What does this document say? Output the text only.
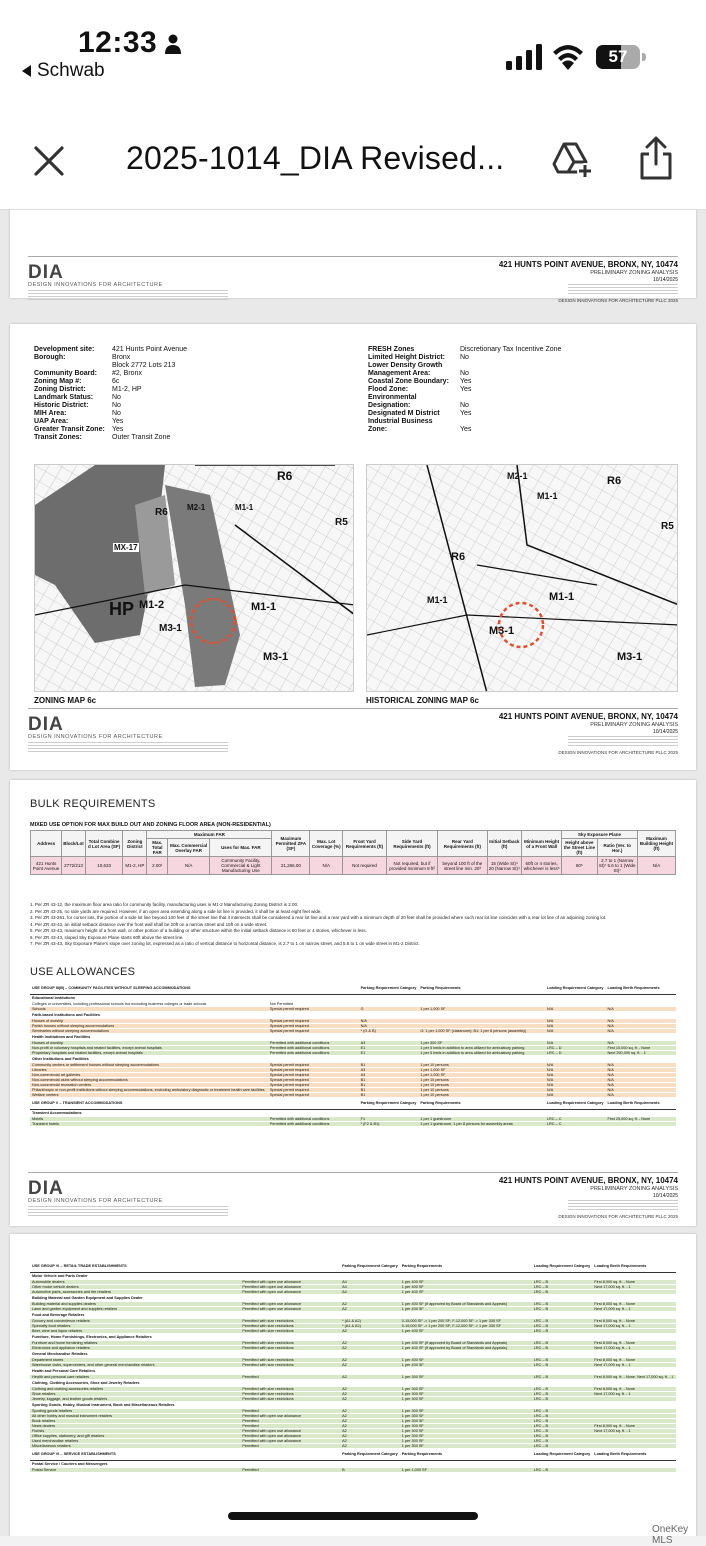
12:33
Schwab
57
2025-1014_DIA Revised...
DIA
DESIGN INNOVATIONS FOR ARCHITECTURE
421 HUNTS POINT AVENUE, BRONX, NY, 10474
PRELIMINARY ZONING ANALYSIS
10/14/2025
DESIGN INNOVATIONS FOR ARCHITECTURE PLLC 2025
Development site:	421 Hunts Point Avenue
Borough:	Bronx
Block 2772 Lots 213
Community Board:	#2, Bronx
Zoning Map #:	6c
Zoning District:	M1-2, HP
Landmark Status:	No
Historic District:	No
MIH Area:	No
UAP Area:	Yes
Greater Transit Zone:	Yes
Transit Zones:	Outer Transit Zone
FRESH Zones	Discretionary Tax Incentive Zone
Limited Height District:	No
Lower Density Growth
Management Area:	No
Coastal Zone Boundary:	Yes
Flood Zone:	Yes
Environmental
Designation:	No
Designated M District	Yes
Industrial Business
Zone:	Yes
R6
M1-1
M2-1
R6
MX-17
HP M1-2	M1-1
M3-1
R5
M3-1
ZONING MAP 6c
M2-1	R6
M1-1
R5
R6
M1-1	M1-1
M3-1
M3-1
HISTORICAL ZONING MAP 6c
DIA
DESIGN INNOVATIONS FOR ARCHITECTURE
421 HUNTS POINT AVENUE, BRONX, NY, 10474
PRELIMINARY ZONING ANALYSIS
10/14/2025
DESIGN INNOVATIONS FOR ARCHITECTURE PLLC 2025
BULK REQUIREMENTS
MIXED USE OPTION FOR MAX BUILD OUT AND ZONING FLOOR AREA (NON-RESIDENTIAL)
Address	Block/Lot	Total Combine d Lot Area (SF)	Zoning District	Maximum FAR			Maximum Permitted ZFA (SF)	Max. Lot Coverage (%)	Front Yard Requirements (ft)	Side Yard Requirements (ft)	Rear Yard Requirements (ft)	Initial Setback (ft)	Minimum Height of a Front Wall	Sky Exposure Plane		Maximum Building Height (ft)
				Max. Total FAR	Max. Commercial Overlay FAR	Uses for Max. FAR								Height above the Street Line (ft)	Ratio (Ver. to Hor.)	
421 Hunts Point Avenue	2772/213	10,633	M1-2, HP	2.00¹	N/A	Community Facility, Commercial & Light Manufacturing Use	21,266.00	N/A	Not required	Not required, but if provided minimum 8 ft²	beyond 100 ft of the street line min. 20³	15 (Wide St)⁴ 20 (Narrow St)⁴	60ft or 4 stories, whichever is less⁵	60⁶	2.7 to 1 (Narrow St)⁷ 5.6 to 1 (Wide St)⁷	N/A
1. Per ZR 43-12, the maximum floor area ratio for community facility, manufacturing uses in M1-2 Manufacturing Zoning District is 2.00.
2. Per ZR 43-25, no side yards are required. However, if an open area extending along a side lot line is provided, it shall be at least eight feet wide.
3. Per ZR 43-261, for corner lots, the portion of a side lot line beyond 100 feet of the street line that it intersects shall be considered a rear lot line and a rear yard with a minimum depth of 20 feet shall be provided where such rear lot line coincides with a rear lot line of an adjoining zoning lot.
4. Per ZR 43-43, an initial setback distance over the front wall shall be 20ft on a narrow street and 15ft on a wide street.
5. Per ZR 43-43, maximum height of a front wall, or other portion of a building or other structure within the initial setback distance is 60 feet or 4 stories, whichever is less.
6. Per ZR 43-43, sloped Sky Exposure Plane starts 60ft above the street line.
7. Per ZR 43-43, Sky Exposure Plane's slope over zoning lot, expressed as a ratio of vertical distance to horizontal distance, is 2.7 to 1 on narrow street, and 5.6 to 1 on wide street in M1-2 District.
USE ALLOWANCES
USE GROUP III(B) – COMMUNITY FACILITIES WITHOUT SLEEPING ACCOMMODATIONS		Parking Requirement Category	Parking Requirements	Loading Requirement Category	Loading Berth Requirements
Educational Institutions					
Colleges or universities, including professional schools but excluding business colleges or trade schools	Not Permitted				
Schools	Special permit required	G	1 per 1,000 SF	N/A	N/A
Faith-based Institutions and Facilities					
Houses of worship	Special permit required	N/A		N/A	N/A
Parish houses without sleeping accommodations	Special permit required	N/A		N/A	N/A
Seminaries without sleeping accommodations	Special permit required	* (G & B)	G: 1 per 1,000 SF (classroom); B1: 1 per 8 persons (assembly)	N/A	N/A
Health Institutions and Facilities					
Houses of worship	Permitted with additional conditions	A3	1 per 300 SF	N/A	N/A
Non-profit or voluntary hospitals and related facilities, except animal hospitals	Permitted with additional conditions	E1	1 per 5 beds in addition to area utilized for ambulatory parking	LRC – D	First 10,000 sq. ft. - None
Proprietary hospitals and related facilities, except animal hospitals	Permitted with additional conditions	E1	1 per 5 beds in addition to area utilized for ambulatory parking	LRC – D	Next 290,000 sq. ft. - 1
Other Institutions and Facilities					
Community centers or settlement houses without sleeping accommodations	Special permit required	B1	1 per 10 persons	N/A	N/A
Libraries	Special permit required	A3	1 per 1,000 SF	N/A	N/A
Non-commercial art galleries	Special permit required	A3	1 per 1,000 SF	N/A	N/A
Non-commercial clubs without sleeping accommodations	Special permit required	B1	1 per 10 persons	N/A	N/A
Non-commercial recreation centers	Special permit required	B1	1 per 10 persons	N/A	N/A
Philanthropic or non-profit institutions without sleeping accommodations, excluding ambulatory diagnostic or treatment health care facilities	Special permit required	B1	1 per 10 persons	N/A	N/A
Welfare centers	Special permit required	B1	1 per 10 persons	N/A	N/A
USE GROUP V – TRANSIENT ACCOMMODATIONS		Parking Requirement Category	Parking Requirements	Loading Requirement Category	Loading Berth Requirements
Transient Accommodations					
Motels	Permitted with additional conditions	F1	1 per 1 guestroom	LRC – C	First 25,000 sq. ft. - None
Transient hotels	Permitted with additional conditions	* (F2 & B1)	1 per 1 guestroom, 1 per 8 persons for assembly areas	LRC – C	
DIA
DESIGN INNOVATIONS FOR ARCHITECTURE
421 HUNTS POINT AVENUE, BRONX, NY, 10474
PRELIMINARY ZONING ANALYSIS
10/14/2025
DESIGN INNOVATIONS FOR ARCHITECTURE PLLC 2025
USE GROUP VI – RETAIL TRADE ESTABLISHMENTS		Parking Requirement Category	Parking Requirements	Loading Requirement Category	Loading Berth Requirements
Motor Vehicle and Parts Dealer					
Automobile dealers	Permitted with open use allowance	A4	1 per 400 SF	LRC – B	First 8,000 sq. ft. - None
Other motor vehicle dealers	Permitted with open use allowance	A4	1 per 400 SF	LRC – B	Next 17,000 sq. ft. - 1
Automotive parts, accessories and tire retailers	Permitted with open use allowance	A4	1 per 400 SF	LRC – B	
Building Material and Garden Equipment and Supplies Dealer					
Building material and supplies dealers	Permitted with open use allowance	A2	1 per 400 SF (If approved by Board of Standards and Appeals)	LRC – B	First 8,000 sq. ft. - None
Lawn and garden equipment and supplies retailers	Permitted with open use allowance	A2	1 per 400 SF	LRC – B	Next 17,000 sq. ft. - 1
Food and Beverage Retailers					
Grocery and convenience retailers	Permitted with size restrictions	* (A1 & A2)	0-15,000 SF -> 1 per 200 SF; F-12,000 SF -> 1 per 330 SF	LRC – B	First 8,000 sq. ft. - None
Specialty food retailers	Permitted with size restrictions	* (A1 & A2)	0-15,000 SF -> 1 per 200 SF; F-12,000 SF -> 1 per 330 SF	LRC – B	Next 17,000 sq. ft. - 1
Beer, wine and liquor retailers	Permitted with size restrictions	A2	1 per 400 SF	LRC – B	
Furniture, Home Furnishings, Electronics, and Appliance Retailers					
Furniture and home furnishing retailers	Permitted with size restrictions	A2	1 per 400 SF (If approved by Board of Standards and Appeals)	LRC – B	First 8,000 sq. ft. - None
Electronics and appliance retailers	Permitted with size restrictions	A2	1 per 400 SF (If approved by Board of Standards and Appeals)	LRC – B	Next 17,000 sq. ft. - 1
General Merchandise Retailers					
Department stores	Permitted with size restrictions	A2	1 per 400 SF	LRC – B	First 8,000 sq. ft. - None
Warehouse clubs, supercenters, and other general merchandise retailers	Permitted with size restrictions	A2	1 per 400 SF	LRC – B	Next 17,000 sq. ft. - 1
Health and Personal Care Retailers					
Health and personal care retailers	Permitted	A2	1 per 300 SF	LRC – B	First 8,000 sq. ft. - None, Next 17,000 sq. ft. - 1
Clothing, Clothing Accessories, Shoe and Jewelry Retailers					
Clothing and clothing accessories retailers	Permitted with size restrictions	A2	1 per 300 SF	LRC – B	First 8,000 sq. ft. - None
Shoe retailers	Permitted with size restrictions	A2	1 per 300 SF	LRC – B	Next 17,000 sq. ft. - 1
Jewelry, luggage, and leather goods retailers	Permitted with size restrictions	A2	1 per 300 SF	LRC – B	
Sporting Goods, Hobby, Musical Instrument, Book and Miscellaneous Retailers					
Sporting goods retailers	Permitted	A2	1 per 300 SF	LRC – B	
All other hobby and musical instrument retailers	Permitted with open use allowance	A2	1 per 300 SF	LRC – B	
Book retailers	Permitted	A2	1 per 300 SF	LRC – B	
News dealers	Permitted	A2	1 per 300 SF	LRC – B	First 8,000 sq. ft. - None
Florists	Permitted with open use allowance	A2	1 per 300 SF	LRC – B	Next 17,000 sq. ft. - 1
Office supplies, stationery, and gift retailers	Permitted with open use allowance	A2	1 per 300 SF	LRC – B	
Used merchandise retailers	Permitted with open use allowance	A2	1 per 300 SF	LRC – B	
Miscellaneous retailers	Permitted	A2	1 per 300 SF	LRC – B	
USE GROUP VI – SERVICE ESTABLISHMENTS		Parking Requirement Category	Parking Requirements	Loading Requirement Category	Loading Berth Requirements
Postal Service / Couriers and Messengers					
Postal Service	Permitted	B	1 per 1,000 SF	LRC – B	
OneKey MLS
